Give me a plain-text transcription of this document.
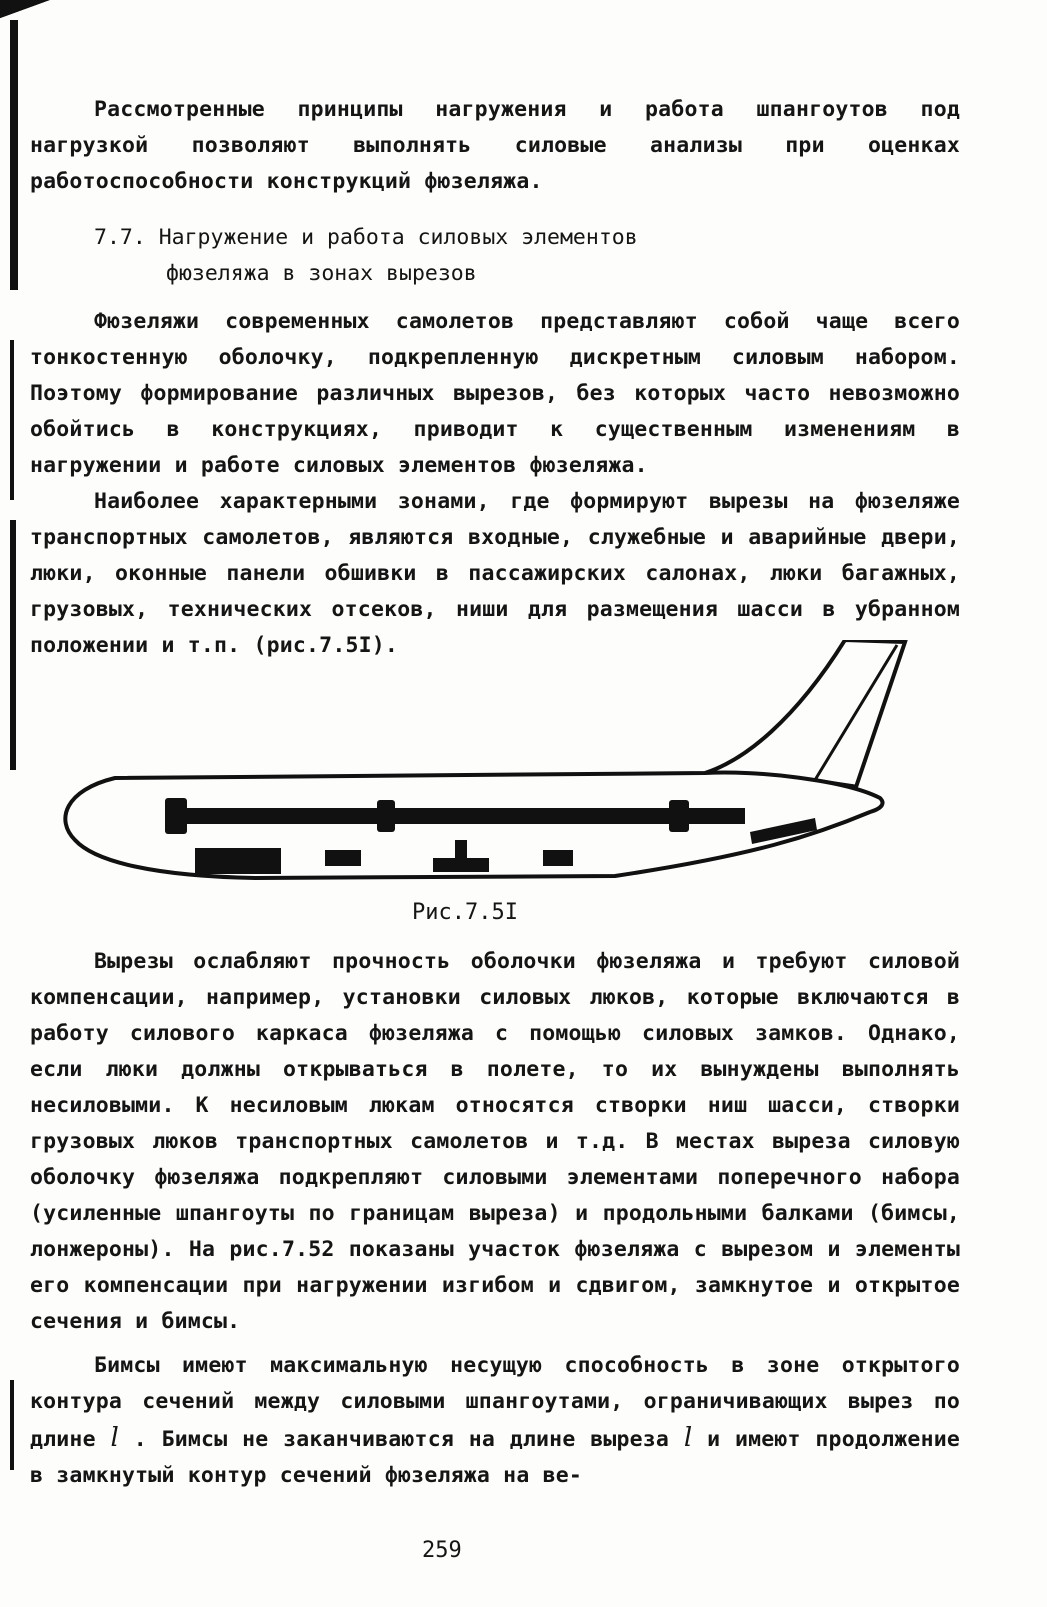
Рассмотренные принципы нагружения и работа шпангоутов под нагрузкой позволяют выполнять силовые анализы при оценках работоспособности конструкций фюзеляжа.

7.7. Нагружение и работа силовых элементов
фюзеляжа в зонах вырезов

Фюзеляжи современных самолетов представляют собой чаще всего тонкостенную оболочку, подкрепленную дискретным силовым набором. Поэтому формирование различных вырезов, без которых часто невозможно обойтись в конструкциях, приводит к существенным изменениям в нагружении и работе силовых элементов фюзеляжа.

Наиболее характерными зонами, где формируют вырезы на фюзеляже транспортных самолетов, являются входные, служебные и аварийные двери, люки, оконные панели обшивки в пассажирских салонах, люки багажных, грузовых, технических отсеков, ниши для размещения шасси в убранном положении и т.п. (рис.7.5I).

Рис.7.5I

Вырезы ослабляют прочность оболочки фюзеляжа и требуют силовой компенсации, например, установки силовых люков, которые включаются в работу силового каркаса фюзеляжа с помощью силовых замков. Однако, если люки должны открываться в полете, то их вынуждены выполнять несиловыми. К несиловым люкам относятся створки ниш шасси, створки грузовых люков транспортных самолетов и т.д. В местах выреза силовую оболочку фюзеляжа подкрепляют силовыми элементами поперечного набора (усиленные шпангоуты по границам выреза) и продольными балками (бимсы, лонжероны). На рис.7.52 показаны участок фюзеляжа с вырезом и элементы его компенсации при нагружении изгибом и сдвигом, замкнутое и открытое сечения и бимсы.

Бимсы имеют максимальную несущую способность в зоне открытого контура сечений между силовыми шпангоутами, ограничивающих вырез по длине l . Бимсы не заканчиваются на длине выреза l и имеют продолжение в замкнутый контур сечений фюзеляжа на ве-

259
